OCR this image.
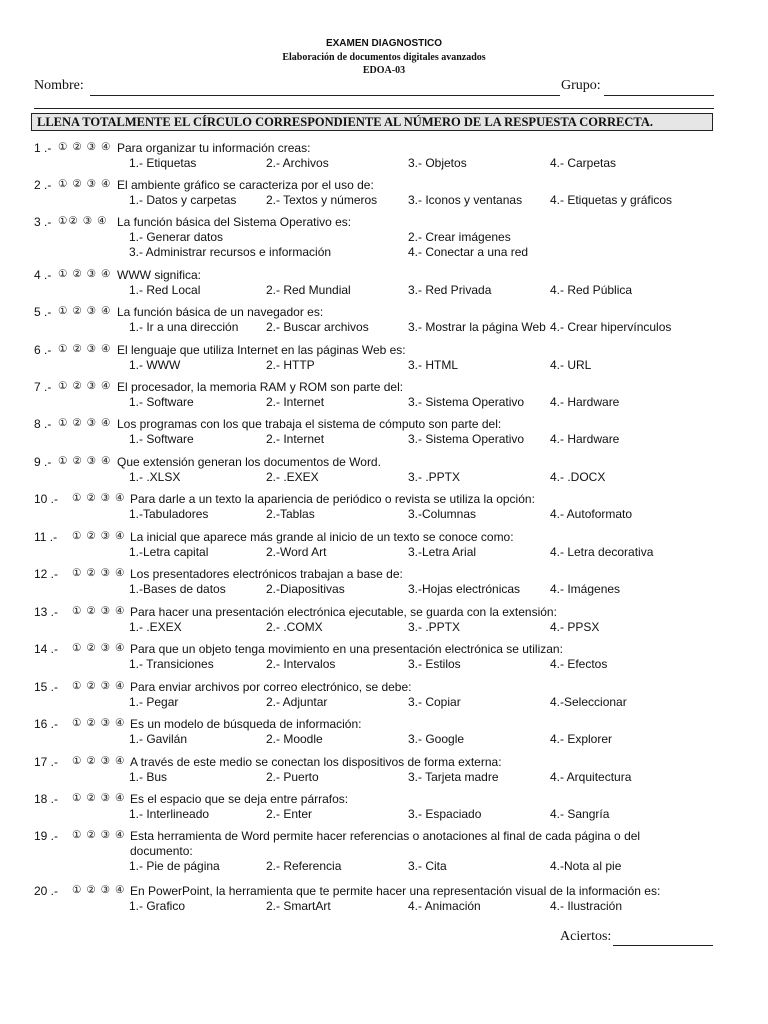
EXAMEN DIAGNOSTICO
Elaboración de documentos digitales avanzados
EDOA-03
Nombre:	Grupo:
LLENA TOTALMENTE EL CÍRCULO CORRESPONDIENTE AL NÚMERO DE LA RESPUESTA CORRECTA.
1 .- ① ② ③ ④ Para organizar tu información creas:
1.- Etiquetas	2.- Archivos	3.- Objetos	4.- Carpetas
2 .- ① ② ③ ④ El ambiente gráfico se caracteriza por el uso de:
1.- Datos y carpetas 2.- Textos y números	3.- Iconos y ventanas 4.- Etiquetas y gráficos
3 .- ①② ③ ④ La función básica del Sistema Operativo es:
1.- Generar datos	2.- Crear imágenes
3.- Administrar recursos e información	4.- Conectar a una red
4 .- ① ② ③ ④ WWW significa:
1.- Red Local	2.- Red Mundial	3.- Red Privada	4.- Red Pública
5 .- ① ② ③ ④ La función básica de un navegador es:
1.- Ir a una dirección 2.- Buscar archivos	3.- Mostrar la página Web 4.- Crear hipervínculos
6 .- ① ② ③ ④ El lenguaje que utiliza Internet en las páginas Web es:
1.- WWW	2.- HTTP	3.- HTML	4.- URL
7 .- ① ② ③ ④ El procesador, la memoria RAM y ROM son parte del:
1.- Software	2.- Internet	3.- Sistema Operativo 4.- Hardware
8 .- ① ② ③ ④ Los programas con los que trabaja el sistema de cómputo son parte del:
1.- Software	2.- Internet	3.- Sistema Operativo 4.- Hardware
9 .- ① ② ③ ④ Que extensión generan los documentos de Word.
1.- .XLSX	2.- .EXEX	3.- .PPTX	4.- .DOCX
10 .- ① ② ③ ④ Para darle a un texto la apariencia de periódico o revista se utiliza la opción:
1.-Tabuladores	2.-Tablas	3.-Columnas	4.- Autoformato
11 .- ① ② ③ ④ La inicial que aparece más grande al inicio de un texto se conoce como:
1.-Letra capital	2.-Word Art	3.-Letra Arial	4.- Letra decorativa
12 .- ① ② ③ ④ Los presentadores electrónicos trabajan a base de:
1.-Bases de datos	2.-Diapositivas	3.-Hojas electrónicas 4.- Imágenes
13 .- ① ② ③ ④ Para hacer una presentación electrónica ejecutable, se guarda con la extensión:
1.- .EXEX	2.- .COMX	3.- .PPTX	4.- PPSX
14 .- ① ② ③ ④ Para que un objeto tenga movimiento en una presentación electrónica se utilizan:
1.- Transiciones	2.- Intervalos	3.- Estilos	4.- Efectos
15 .- ① ② ③ ④ Para enviar archivos por correo electrónico, se debe:
1.- Pegar	2.- Adjuntar	3.- Copiar	4.-Seleccionar
16 .- ① ② ③ ④ Es un modelo de búsqueda de información:
1.- Gavilán	2.- Moodle	3.- Google	4.- Explorer
17 .- ① ② ③ ④ A través de este medio se conectan los dispositivos de forma externa:
1.- Bus	2.- Puerto	3.- Tarjeta madre	4.- Arquitectura
18 .- ① ② ③ ④ Es el espacio que se deja entre párrafos:
1.- Interlineado	2.- Enter	3.- Espaciado	4.- Sangría
19 .- ① ② ③ ④ Esta herramienta de Word permite hacer referencias o anotaciones al final de cada página o del documento:
1.- Pie de página	2.- Referencia	3.- Cita	4.-Nota al pie
20 .- ① ② ③ ④ En PowerPoint, la herramienta que te permite hacer una representación visual de la información es:
1.- Grafico	2.- SmartArt	4.- Animación	4.- Ilustración
Aciertos:
